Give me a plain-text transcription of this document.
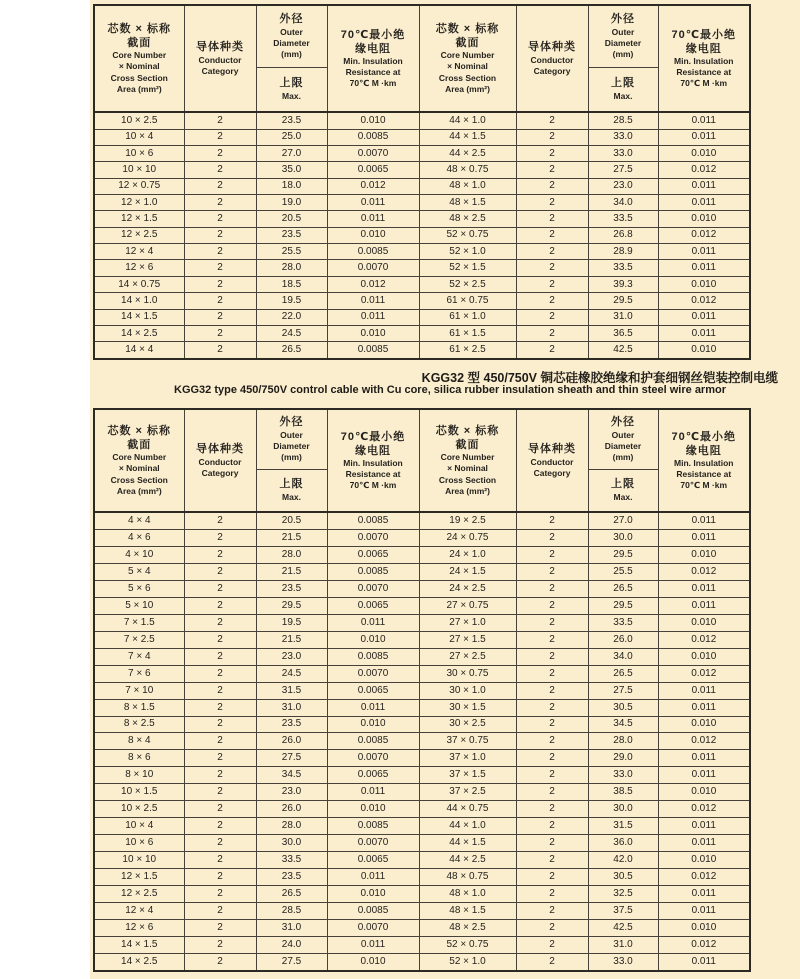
芯数 × 标称
截面
Core Number
× Nominal
Cross Section
Area (mm²)

导体种类
Conductor
Category

外径
Outer
Diameter
(mm)

70℃最小绝
缘电阻
Min. Insulation
Resistance at
70℃ M ·km

芯数 × 标称
截面
Core Number
× Nominal
Cross Section
Area (mm²)

导体种类
Conductor
Category

外径
Outer
Diameter
(mm)

70℃最小绝
缘电阻
Min. Insulation
Resistance at
70℃ M ·km

上限
Max.

上限
Max.

10 × 2.5	2	23.5	0.010	44 × 1.0	2	28.5	0.011
10 × 4	2	25.0	0.0085	44 × 1.5	2	33.0	0.011
10 × 6	2	27.0	0.0070	44 × 2.5	2	33.0	0.010
10 × 10	2	35.0	0.0065	48 × 0.75	2	27.5	0.012
12 × 0.75	2	18.0	0.012	48 × 1.0	2	23.0	0.011
12 × 1.0	2	19.0	0.011	48 × 1.5	2	34.0	0.011
12 × 1.5	2	20.5	0.011	48 × 2.5	2	33.5	0.010
12 × 2.5	2	23.5	0.010	52 × 0.75	2	26.8	0.012
12 × 4	2	25.5	0.0085	52 × 1.0	2	28.9	0.011
12 × 6	2	28.0	0.0070	52 × 1.5	2	33.5	0.011
14 × 0.75	2	18.5	0.012	52 × 2.5	2	39.3	0.010
14 × 1.0	2	19.5	0.011	61 × 0.75	2	29.5	0.012
14 × 1.5	2	22.0	0.011	61 × 1.0	2	31.0	0.011
14 × 2.5	2	24.5	0.010	61 × 1.5	2	36.5	0.011
14 × 4	2	26.5	0.0085	61 × 2.5	2	42.5	0.010
KGG32 型 450/750V 铜芯硅橡胶绝缘和护套细钢丝铠装控制电缆
KGG32 type 450/750V control cable with Cu core, silica rubber insulation sheath and thin steel wire armor
芯数 × 标称
截面
Core Number
× Nominal
Cross Section
Area (mm²)

导体种类
Conductor
Category

外径
Outer
Diameter
(mm)

70℃最小绝
缘电阻
Min. Insulation
Resistance at
70℃ M ·km

芯数 × 标称
截面
Core Number
× Nominal
Cross Section
Area (mm²)

导体种类
Conductor
Category

外径
Outer
Diameter
(mm)

70℃最小绝
缘电阻
Min. Insulation
Resistance at
70℃ M ·km

上限
Max.

上限
Max.

4 × 4	2	20.5	0.0085	19 × 2.5	2	27.0	0.011
4 × 6	2	21.5	0.0070	24 × 0.75	2	30.0	0.011
4 × 10	2	28.0	0.0065	24 × 1.0	2	29.5	0.010
5 × 4	2	21.5	0.0085	24 × 1.5	2	25.5	0.012
5 × 6	2	23.5	0.0070	24 × 2.5	2	26.5	0.011
5 × 10	2	29.5	0.0065	27 × 0.75	2	29.5	0.011
7 × 1.5	2	19.5	0.011	27 × 1.0	2	33.5	0.010
7 × 2.5	2	21.5	0.010	27 × 1.5	2	26.0	0.012
7 × 4	2	23.0	0.0085	27 × 2.5	2	34.0	0.010
7 × 6	2	24.5	0.0070	30 × 0.75	2	26.5	0.012
7 × 10	2	31.5	0.0065	30 × 1.0	2	27.5	0.011
8 × 1.5	2	31.0	0.011	30 × 1.5	2	30.5	0.011
8 × 2.5	2	23.5	0.010	30 × 2.5	2	34.5	0.010
8 × 4	2	26.0	0.0085	37 × 0.75	2	28.0	0.012
8 × 6	2	27.5	0.0070	37 × 1.0	2	29.0	0.011
8 × 10	2	34.5	0.0065	37 × 1.5	2	33.0	0.011
10 × 1.5	2	23.0	0.011	37 × 2.5	2	38.5	0.010
10 × 2.5	2	26.0	0.010	44 × 0.75	2	30.0	0.012
10 × 4	2	28.0	0.0085	44 × 1.0	2	31.5	0.011
10 × 6	2	30.0	0.0070	44 × 1.5	2	36.0	0.011
10 × 10	2	33.5	0.0065	44 × 2.5	2	42.0	0.010
12 × 1.5	2	23.5	0.011	48 × 0.75	2	30.5	0.012
12 × 2.5	2	26.5	0.010	48 × 1.0	2	32.5	0.011
12 × 4	2	28.5	0.0085	48 × 1.5	2	37.5	0.011
12 × 6	2	31.0	0.0070	48 × 2.5	2	42.5	0.010
14 × 1.5	2	24.0	0.011	52 × 0.75	2	31.0	0.012
14 × 2.5	2	27.5	0.010	52 × 1.0	2	33.0	0.011
